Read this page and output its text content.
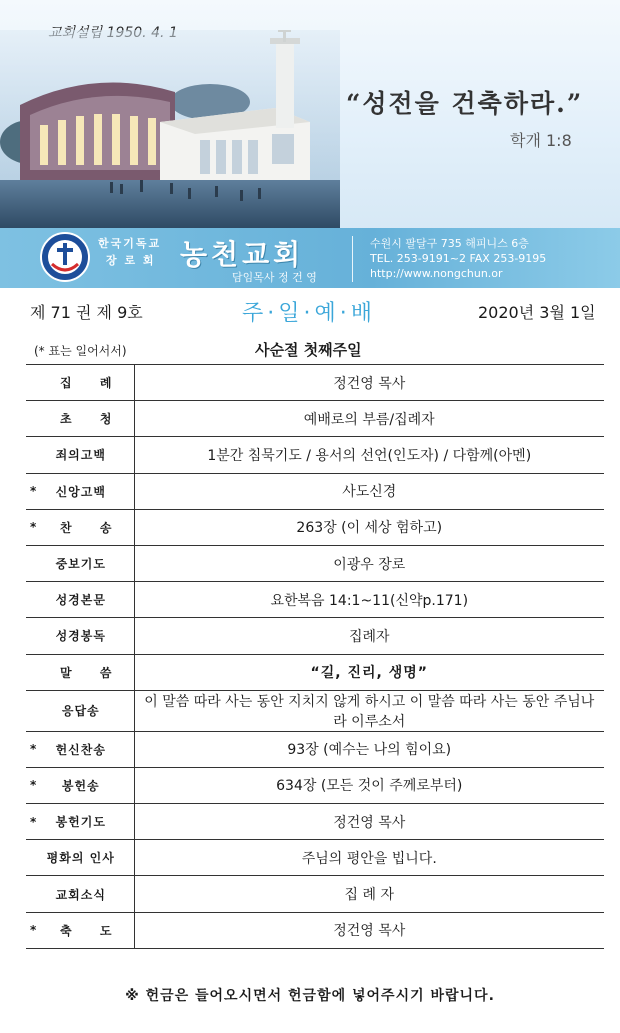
“성전을 건축하라.”
학개 1:8
한국기독교
장 로 회 농천교회
담임목사 정 건 영
수원시 팔달구 735 해피니스 6층
TEL. 253-9191~2 FAX 253-9195
http://www.nongchun.or
제 71 권 제 9호	주·일·예·배	2020년 3월 1일
(* 표는 일어서서)	사순절 첫째주일
집 례	정건영 목사

초 청	예배로의 부름/집례자

죄의고백	1분간 침묵기도 / 용서의 선언(인도자) / 다함께(아멘)

* 신앙고백	사도신경

* 찬 송	263장 (이 세상 험하고)

중보기도	이광우 장로

성경본문	요한복음 14:1~11(신약p.171)

성경봉독	집례자

말 씀	“길, 진리, 생명”

응답송	이 말씀 따라 사는 동안 지치지 않게 하시고 이 말씀 따라 사는 동안 주님나라 이루소서

* 헌신찬송	93장 (예수는 나의 힘이요)

* 봉헌송	634장 (모든 것이 주께로부터)

* 봉헌기도	정건영 목사

평화의 인사	주님의 평안을 빕니다.

교회소식	집 례 자

* 축 도	정건영 목사
※ 헌금은 들어오시면서 헌금함에 넣어주시기 바랍니다.
